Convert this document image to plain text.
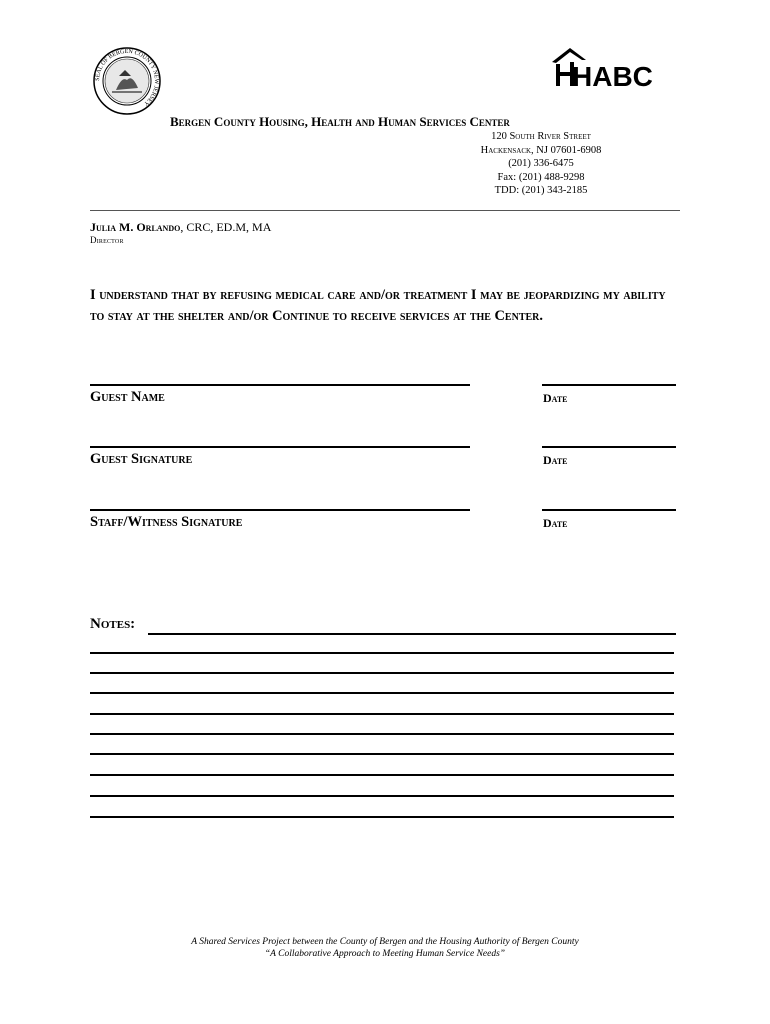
SEAL OF BERGEN COUNTY NEW JERSEY
HABC
Bergen County Housing, Health and Human Services Center
120 South River Street
Hackensack, NJ 07601-6908
(201) 336-6475
Fax: (201) 488-9298
TDD: (201) 343-2185
Julia M. Orlando, CRC, ED.M, MA
Director
I understand that by refusing medical care and/or treatment I may be jeopardizing my ability to stay at the shelter and/or Continue to receive services at the Center.
Guest Name	Date
Guest Signature	Date
Staff/Witness Signature	Date
Notes:
A Shared Services Project between the County of Bergen and the Housing Authority of Bergen County
“A Collaborative Approach to Meeting Human Service Needs”
